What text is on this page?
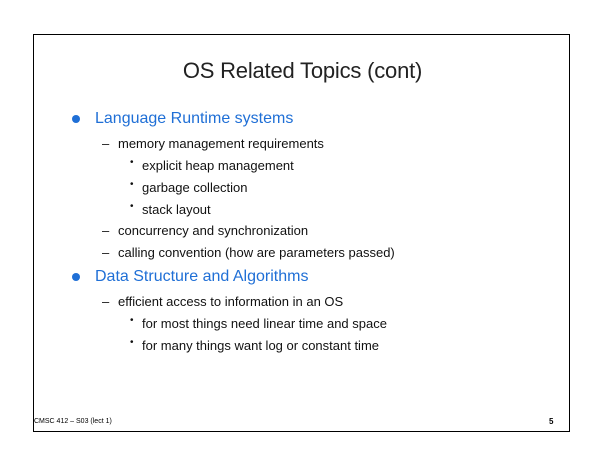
OS Related Topics (cont)
Language Runtime systems
– memory management requirements
• explicit heap management
• garbage collection
• stack layout
– concurrency and synchronization
– calling convention (how are parameters passed)
Data Structure and Algorithms
– efficient access to information in an OS
• for most things need linear time and space
• for many things want log or constant time
CMSC 412 – S03 (lect 1)	5
